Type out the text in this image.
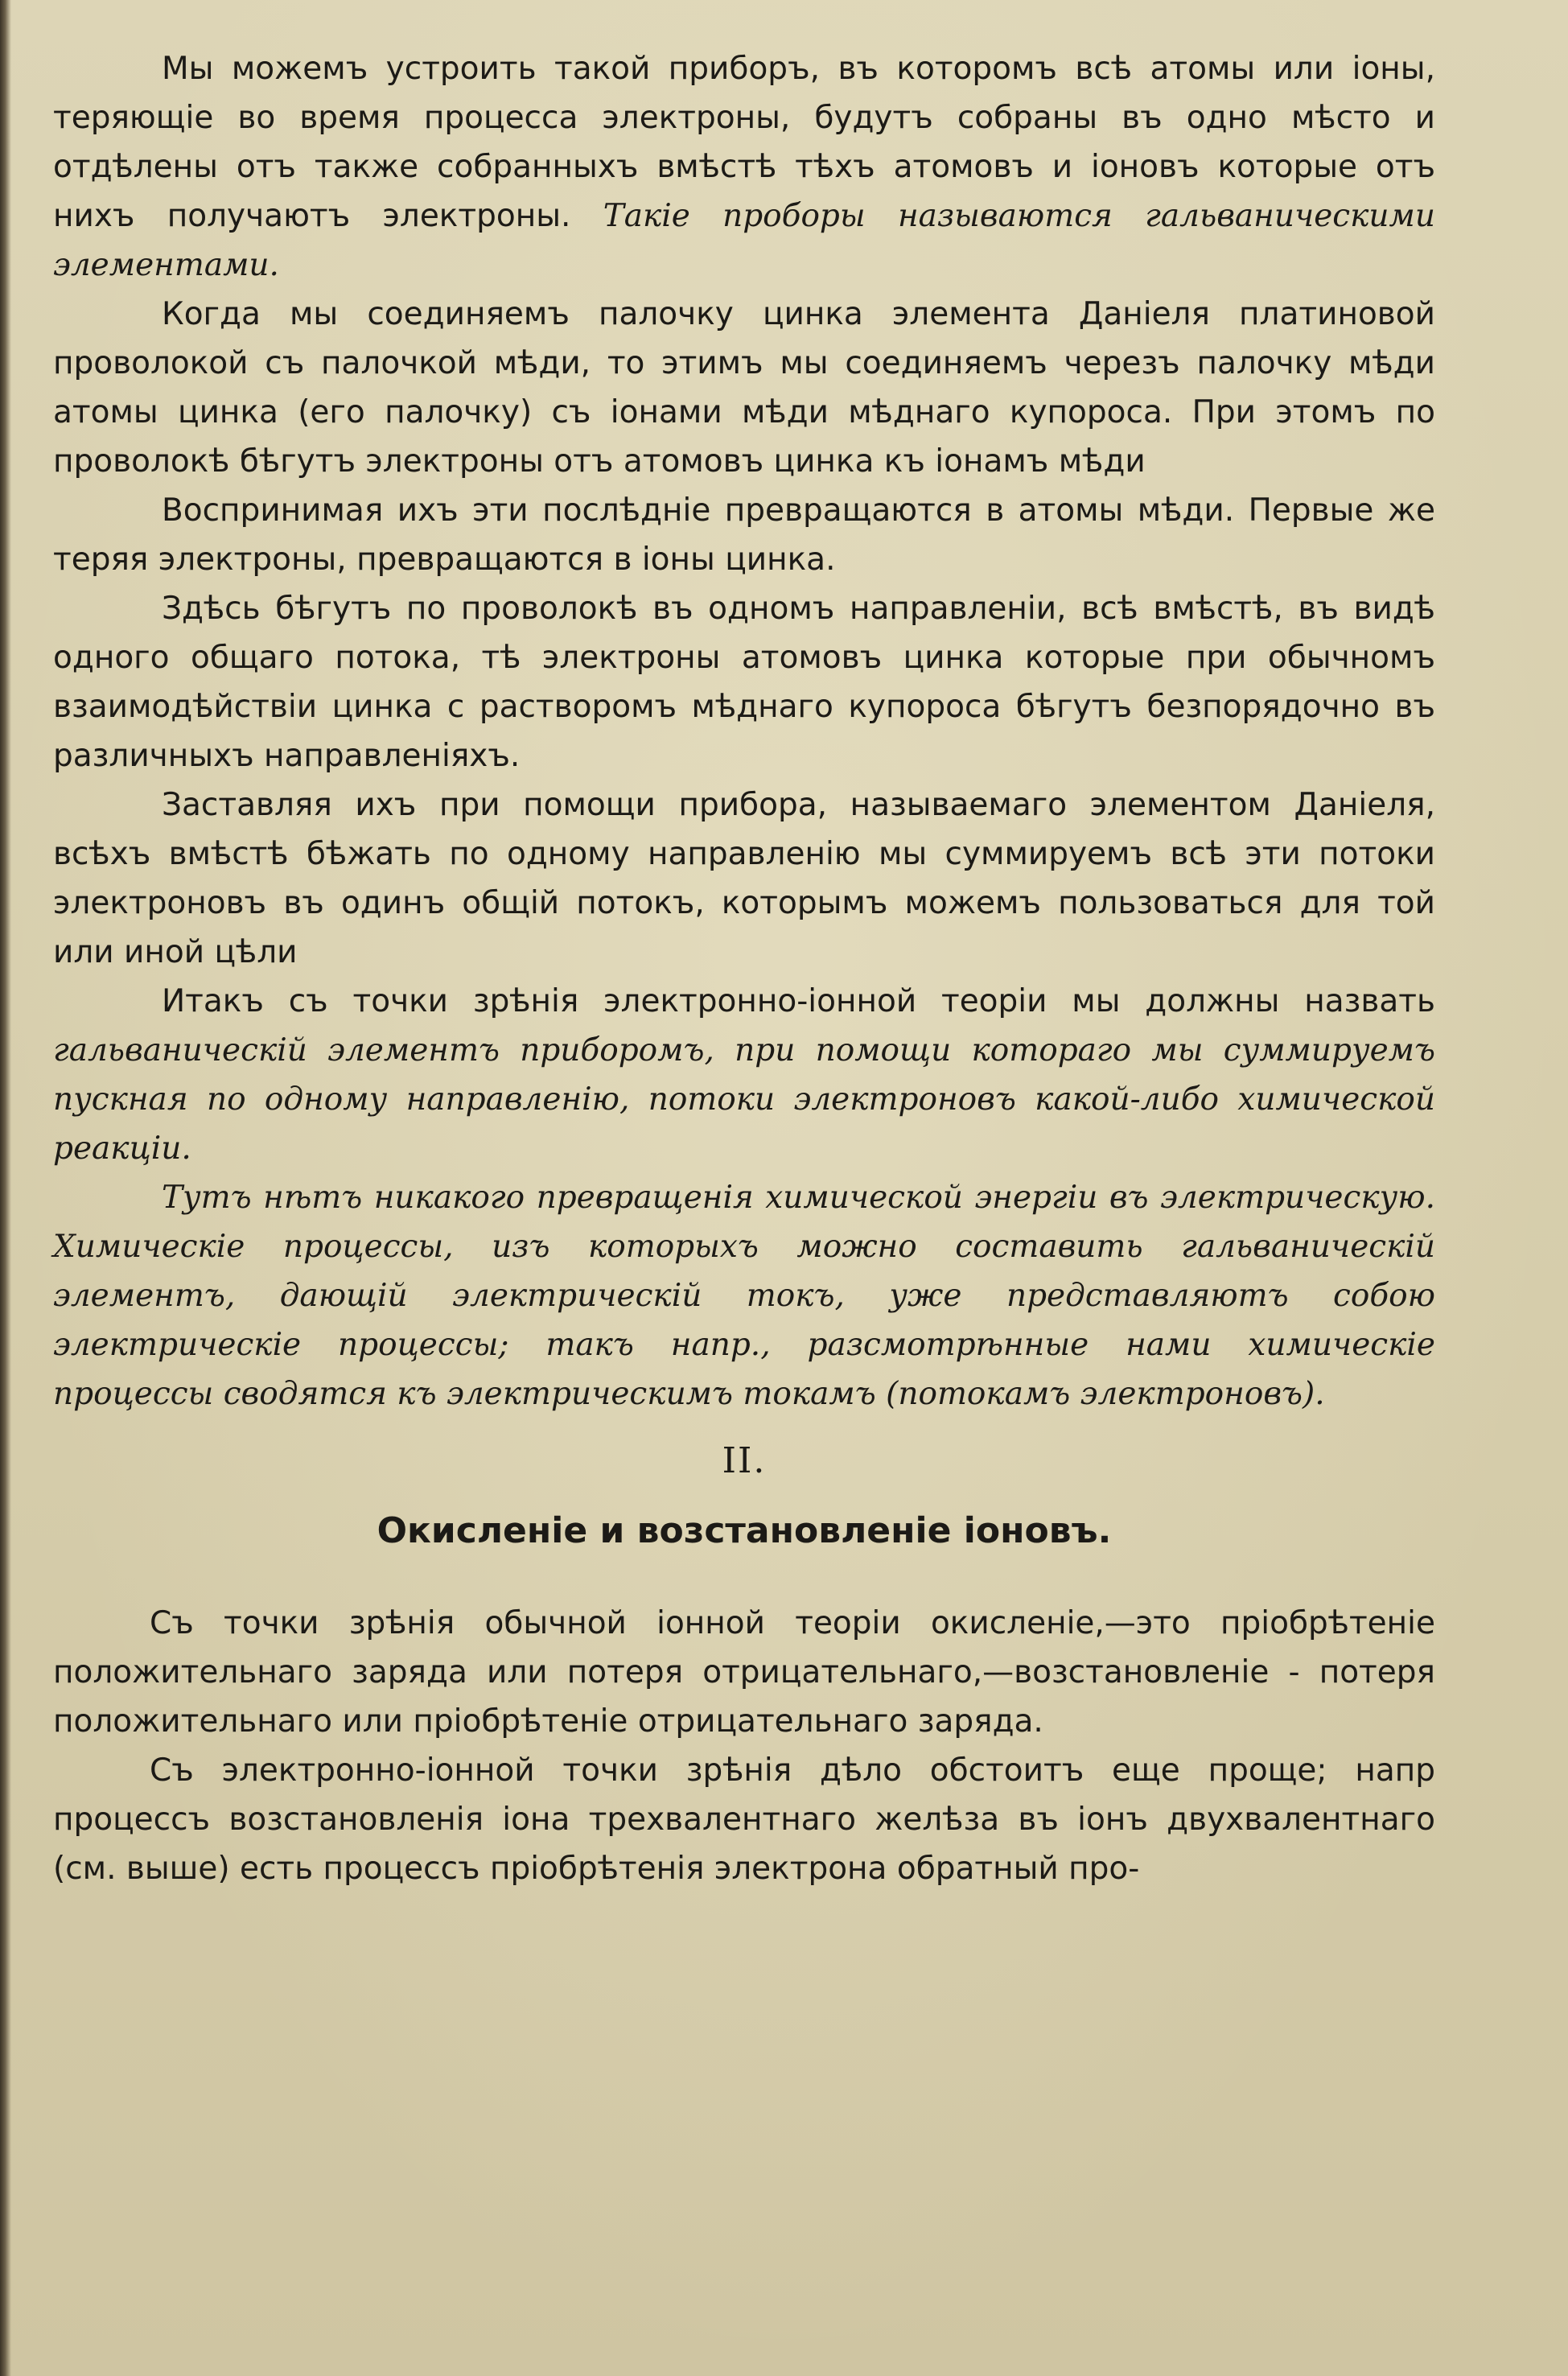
Мы можемъ устроить такой приборъ, въ которомъ всѣ атомы или іоны, теряющіе во время процесса электроны, будутъ собраны въ одно мѣсто и отдѣлены отъ также собранныхъ вмѣстѣ тѣхъ атомовъ и іоновъ которые отъ нихъ получаютъ электроны. Такіе проборы называются гальваническими элементами.

Когда мы соединяемъ палочку цинка элемента Даніеля платиновой проволокой съ палочкой мѣди, то этимъ мы соединяемъ черезъ палочку мѣди атомы цинка (его палочку) съ іонами мѣди мѣднаго купороса. При этомъ по проволокѣ бѣгутъ электроны отъ атомовъ цинка къ іонамъ мѣди

Воспринимая ихъ эти послѣдніе превращаются в атомы мѣди. Первые же теряя электроны, превращаются в іоны цинка.

Здѣсь бѣгутъ по проволокѣ въ одномъ направленіи, всѣ вмѣстѣ, въ видѣ одного общаго потока, тѣ электроны атомовъ цинка которые при обычномъ взаимодѣйствіи цинка с растворомъ мѣднаго купороса бѣгутъ безпорядочно въ различныхъ направленіяхъ.

Заставляя ихъ при помощи прибора, называемаго элементом Даніеля, всѣхъ вмѣстѣ бѣжать по одному направленію мы суммируемъ всѣ эти потоки электроновъ въ одинъ общій потокъ, которымъ можемъ пользоваться для той или иной цѣли

Итакъ съ точки зрѣнія электронно-іонной теоріи мы должны назвать гальваническій элементъ приборомъ, при помощи котораго мы суммируемъ пускная по одному направленію, потоки электроновъ какой-либо химической реакціи.

Тутъ нѣтъ никакого превращенія химической энергіи въ электрическую. Химическіе процессы, изъ которыхъ можно составить гальваническій элементъ, дающій электрическій токъ, уже представляютъ собою электрическіе процессы; такъ напр., разсмотрѣнные нами химическіе процессы сводятся къ электрическимъ токамъ (потокамъ электроновъ).

II.
Окисленіе и возстановленіе іоновъ.

Съ точки зрѣнія обычной іонной теоріи окисленіе,—это пріобрѣтеніе положительнаго заряда или потеря отрицательнаго,—возстановленіе - потеря положительнаго или пріобрѣтеніе отрицательнаго заряда.

Съ электронно-іонной точки зрѣнія дѣло обстоитъ еще проще; напр процессъ возстановленія іона трехвалентнаго желѣза въ іонъ двухвалентнаго (см. выше) есть процессъ пріобрѣтенія электрона обратный про-
